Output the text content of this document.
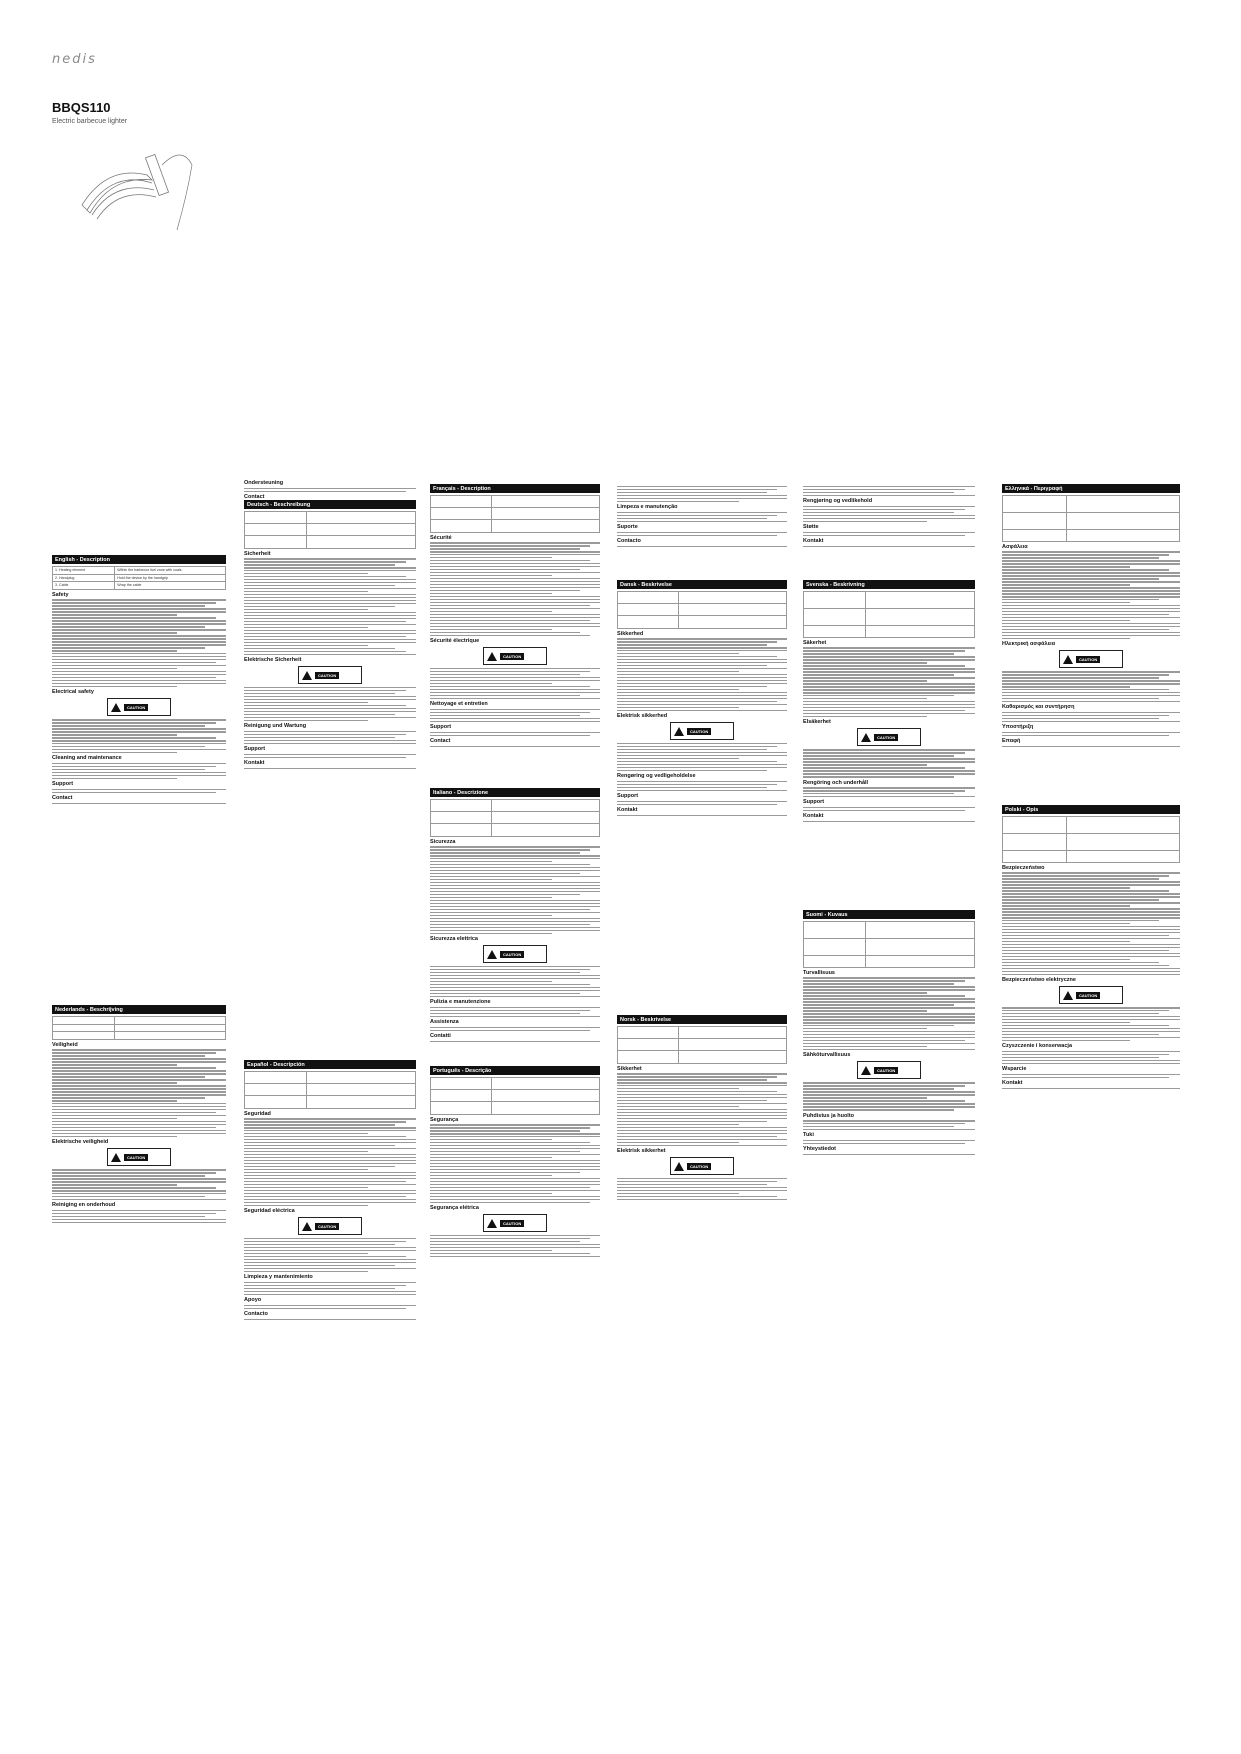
nedis
BBQS110
Electric barbecue lighter
English - Description
1. Heating element	Within the barbecue fuel zone with coals
2. Handplug	Hold the device by the handgrip
3. Cable	Wrap the cable
Safety
Electrical safety
CAUTION
Cleaning and maintenance
Support
Contact
Nederlands - Beschrijving

Veiligheid
Elektrische veiligheid
CAUTION
Reiniging en onderhoud
Ondersteuning
Contact
Deutsch - Beschreibung

Sicherheit
Elektrische Sicherheit
CAUTION
Reinigung und Wartung
Support
Kontakt
Español - Descripción

Seguridad
Seguridad eléctrica
CAUTION
Limpieza y mantenimiento
Apoyo
Contacto
Français - Description

Sécurité
Sécurité électrique
CAUTION
Nettoyage et entretien
Support
Contact
Italiano - Descrizione

Sicurezza
Sicurezza elettrica
CAUTION
Pulizia e manutenzione
Assistenza
Contatti
Português - Descrição

Segurança
Segurança elétrica
CAUTION
Limpeza e manutenção
Suporte
Contacto
Dansk - Beskrivelse

Sikkerhed
Elektrisk sikkerhed
CAUTION
Rengøring og vedligeholdelse
Support
Kontakt
Norsk - Beskrivelse

Sikkerhet
Elektrisk sikkerhet
CAUTION
Rengjøring og vedlikehold
Støtte
Kontakt
Svenska - Beskrivning

Säkerhet
Elsäkerhet
CAUTION
Rengöring och underhåll
Support
Kontakt
Suomi - Kuvaus

Turvallisuus
Sähköturvallisuus
CAUTION
Puhdistus ja huolto
Tuki
Yhteystiedot
Ελληνικά - Περιγραφή

Ασφάλεια
Ηλεκτρική ασφάλεια
CAUTION
Καθαρισμός και συντήρηση
Υποστήριξη
Επαφή
Polski - Opis

Bezpieczeństwo
Bezpieczeństwo elektryczne
CAUTION
Czyszczenie i konserwacja
Wsparcie
Kontakt
